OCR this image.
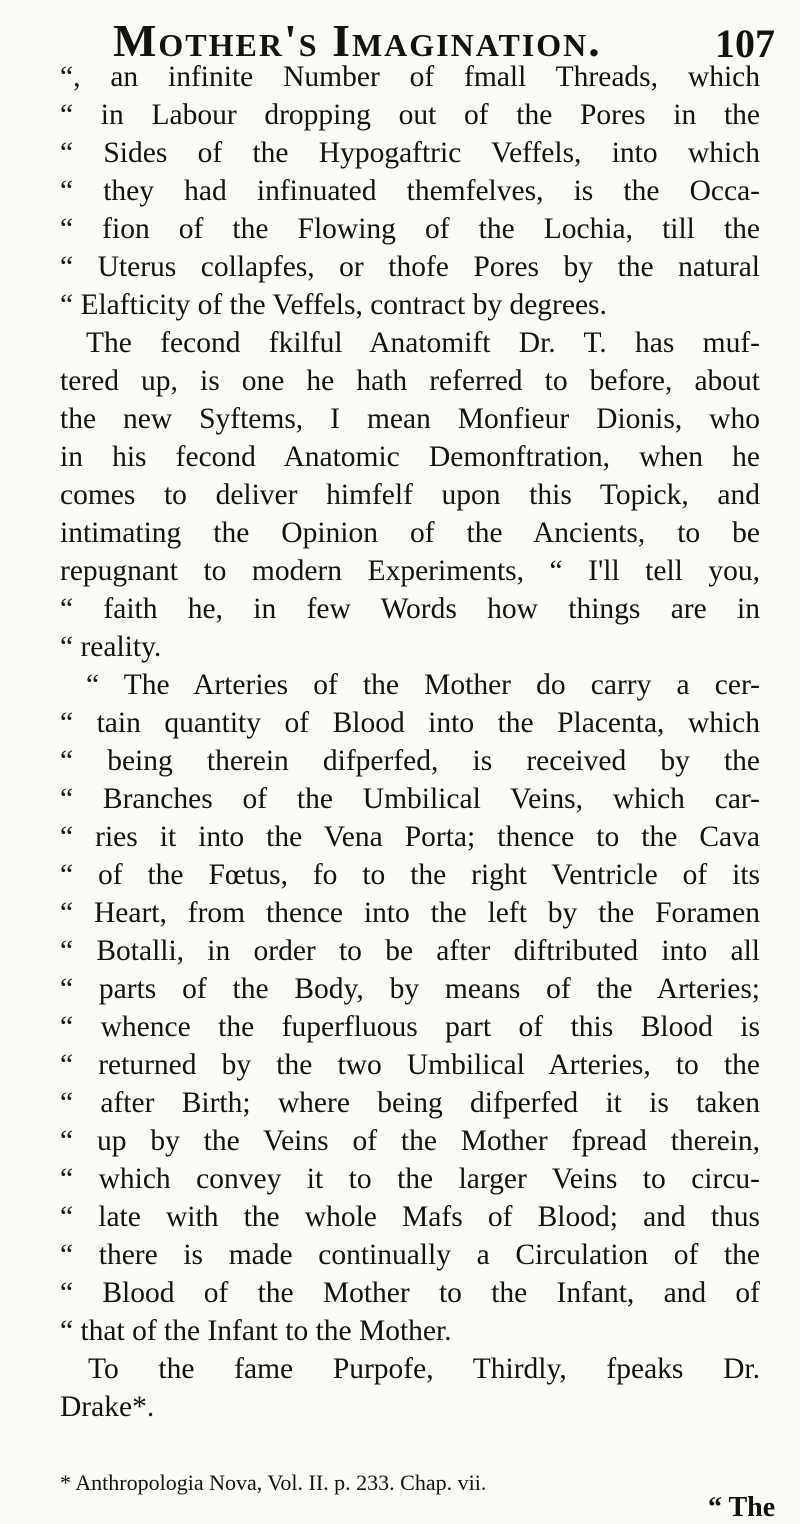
Mother's Imagination.	107
“, an infinite Number of fmall Threads, which
“ in Labour dropping out of the Pores in the
“ Sides of the Hypogaftric Veffels, into which
“ they had infinuated themfelves, is the Occa-
“ fion of the Flowing of the Lochia, till the
“ Uterus collapfes, or thofe Pores by the natural
“ Elafticity of the Veffels, contract by degrees.
The fecond fkilful Anatomift Dr. T. has muf-
tered up, is one he hath referred to before, about
the new Syftems, I mean Monfieur Dionis, who
in his fecond Anatomic Demonftration, when he
comes to deliver himfelf upon this Topick, and
intimating the Opinion of the Ancients, to be
repugnant to modern Experiments, “ I'll tell you,
“ faith he, in few Words how things are in
“ reality.
“ The Arteries of the Mother do carry a cer-
“ tain quantity of Blood into the Placenta, which
“ being therein difperfed, is received by the
“ Branches of the Umbilical Veins, which car-
“ ries it into the Vena Porta; thence to the Cava
“ of the Fœtus, fo to the right Ventricle of its
“ Heart, from thence into the left by the Foramen
“ Botalli, in order to be after diftributed into all
“ parts of the Body, by means of the Arteries;
“ whence the fuperfluous part of this Blood is
“ returned by the two Umbilical Arteries, to the
“ after Birth; where being difperfed it is taken
“ up by the Veins of the Mother fpread therein,
“ which convey it to the larger Veins to circu-
“ late with the whole Mafs of Blood; and thus
“ there is made continually a Circulation of the
“ Blood of the Mother to the Infant, and of
“ that of the Infant to the Mother.
To the fame Purpofe, Thirdly, fpeaks Dr.
Drake*.
* Anthropologia Nova, Vol. II. p. 233. Chap. vii.
“ The
